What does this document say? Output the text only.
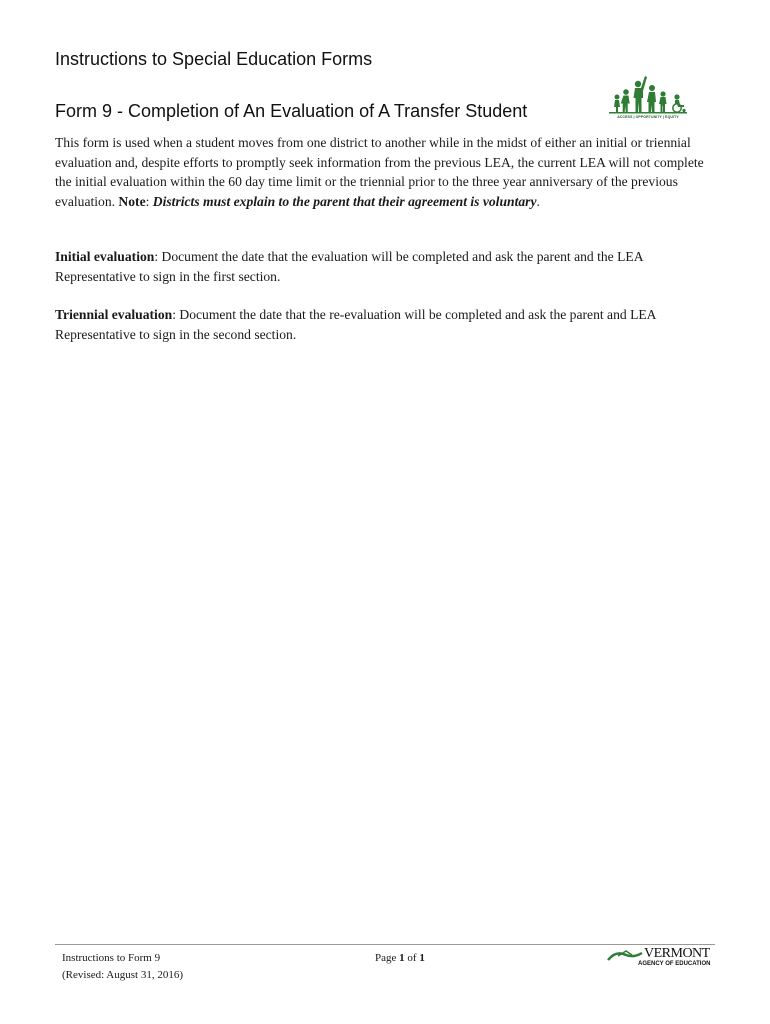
Instructions to Special Education Forms
Form 9 - Completion of An Evaluation of A Transfer Student	ACCESS | OPPORTUNITY | EQUITY

This form is used when a student moves from one district to another while in the midst of either an initial or triennial evaluation and, despite efforts to promptly seek information from the previous LEA, the current LEA will not complete the initial evaluation within the 60 day time limit or the triennial prior to the three year anniversary of the previous evaluation. Note: Districts must explain to the parent that their agreement is voluntary.

Initial evaluation: Document the date that the evaluation will be completed and ask the parent and the LEA Representative to sign in the first section.

Triennial evaluation: Document the date that the re-evaluation will be completed and ask the parent and LEA Representative to sign in the second section.

Instructions to Form 9
(Revised: August 31, 2016)
Page 1 of 1	VERMONT
AGENCY OF EDUCATION
